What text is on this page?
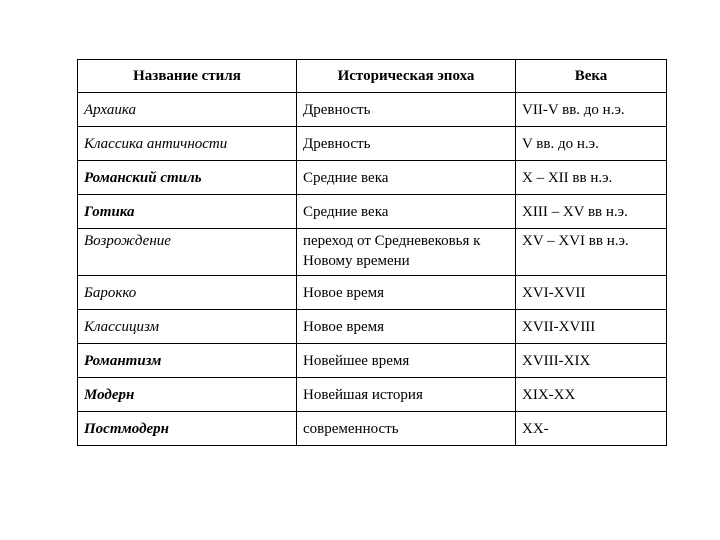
Название стиля	Историческая эпоха	Века
Архаика	Древность	VII-V вв. до н.э.
Классика античности	Древность	V вв. до н.э.
Романский стиль	Средние века	X – XII вв н.э.
Готика	Средние века	XIII – XV вв н.э.
Возрождение	переход от Средневековья к Новому времени	XV – XVI вв н.э.
Барокко	Новое время	XVI-XVII
Классицизм	Новое время	XVII-XVIII
Романтизм	Новейшее время	XVIII-XIX
Модерн	Новейшая история	XIX-XX
Постмодерн	современность	XX-
